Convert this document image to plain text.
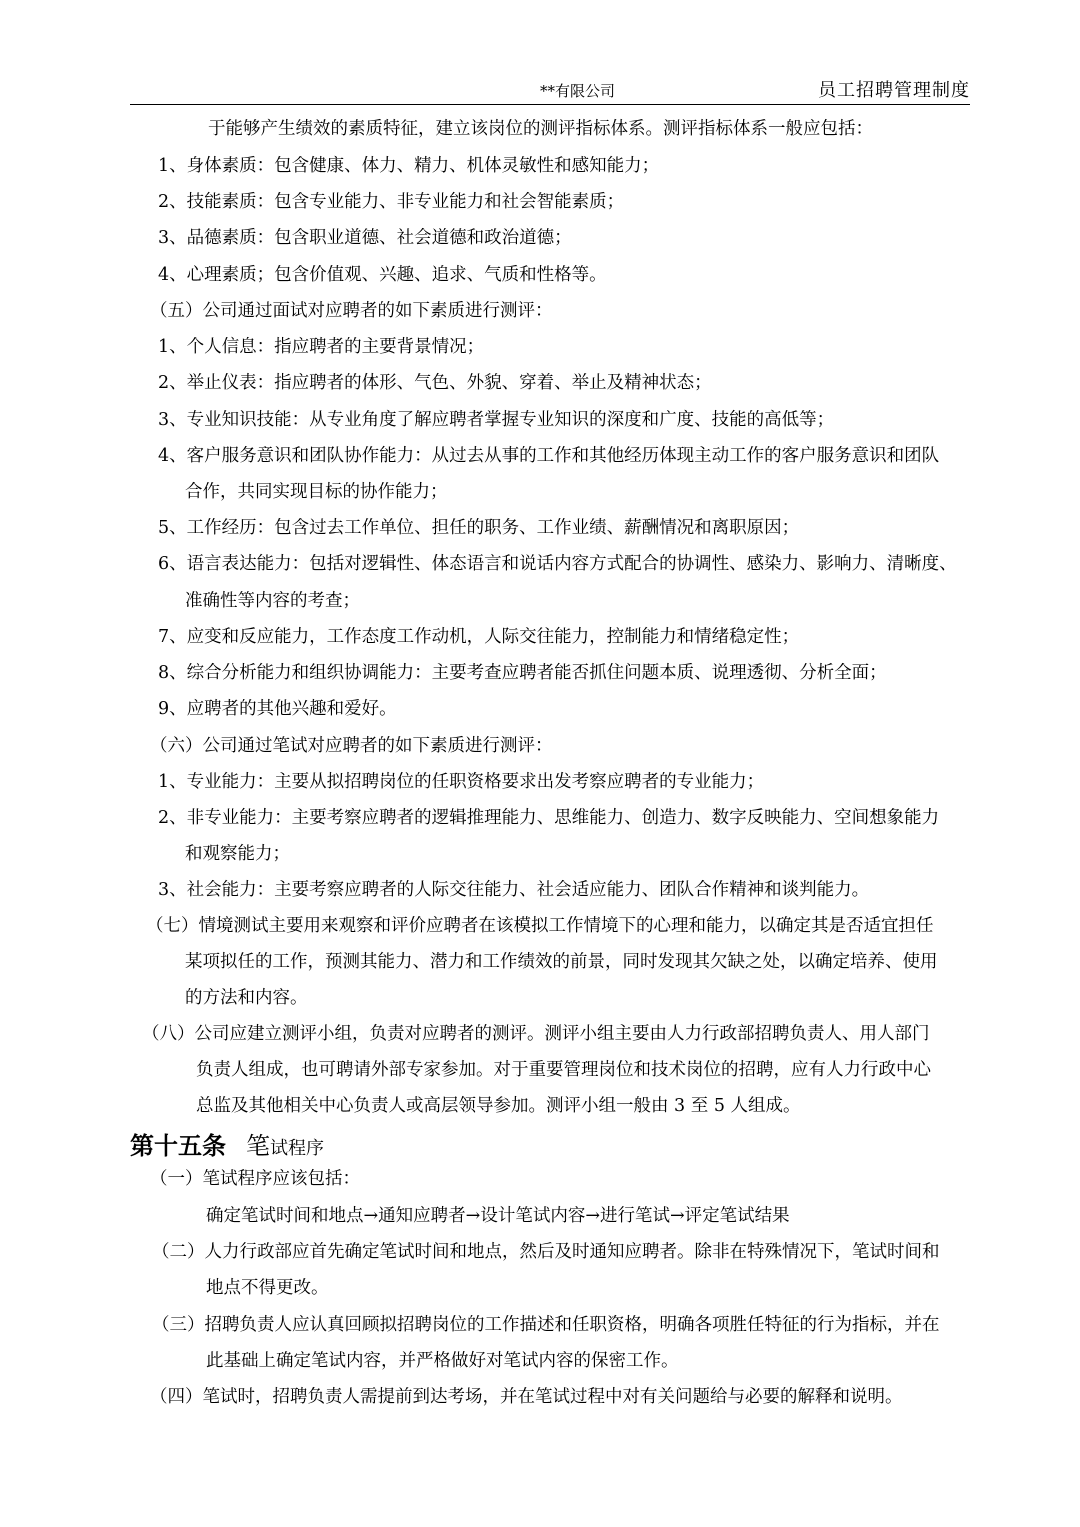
**有限公司	员工招聘管理制度
于能够产生绩效的素质特征，建立该岗位的测评指标体系。测评指标体系一般应包括：
1、身体素质：包含健康、体力、精力、机体灵敏性和感知能力；
2、技能素质：包含专业能力、非专业能力和社会智能素质；
3、品德素质：包含职业道德、社会道德和政治道德；
4、心理素质；包含价值观、兴趣、追求、气质和性格等。
（五）公司通过面试对应聘者的如下素质进行测评：
1、个人信息：指应聘者的主要背景情况；
2、举止仪表：指应聘者的体形、气色、外貌、穿着、举止及精神状态；
3、专业知识技能：从专业角度了解应聘者掌握专业知识的深度和广度、技能的高低等；
4、客户服务意识和团队协作能力：从过去从事的工作和其他经历体现主动工作的客户服务意识和团队
合作，共同实现目标的协作能力；
5、工作经历：包含过去工作单位、担任的职务、工作业绩、薪酬情况和离职原因；
6、语言表达能力：包括对逻辑性、体态语言和说话内容方式配合的协调性、感染力、影响力、清晰度、
准确性等内容的考查；
7、应变和反应能力，工作态度工作动机，人际交往能力，控制能力和情绪稳定性；
8、综合分析能力和组织协调能力：主要考查应聘者能否抓住问题本质、说理透彻、分析全面；
9、应聘者的其他兴趣和爱好。
（六）公司通过笔试对应聘者的如下素质进行测评：
1、专业能力：主要从拟招聘岗位的任职资格要求出发考察应聘者的专业能力；
2、非专业能力：主要考察应聘者的逻辑推理能力、思维能力、创造力、数字反映能力、空间想象能力
和观察能力；
3、社会能力：主要考察应聘者的人际交往能力、社会适应能力、团队合作精神和谈判能力。
（七）情境测试主要用来观察和评价应聘者在该模拟工作情境下的心理和能力，以确定其是否适宜担任
某项拟任的工作，预测其能力、潜力和工作绩效的前景，同时发现其欠缺之处，以确定培养、使用
的方法和内容。
（八）公司应建立测评小组，负责对应聘者的测评。测评小组主要由人力行政部招聘负责人、用人部门
负责人组成，也可聘请外部专家参加。对于重要管理岗位和技术岗位的招聘，应有人力行政中心
总监及其他相关中心负责人或高层领导参加。测评小组一般由 3 至 5 人组成。
第十五条 笔试程序
（一）笔试程序应该包括：
确定笔试时间和地点→通知应聘者→设计笔试内容→进行笔试→评定笔试结果
（二）人力行政部应首先确定笔试时间和地点，然后及时通知应聘者。除非在特殊情况下，笔试时间和
地点不得更改。
（三）招聘负责人应认真回顾拟招聘岗位的工作描述和任职资格，明确各项胜任特征的行为指标，并在
此基础上确定笔试内容，并严格做好对笔试内容的保密工作。
（四）笔试时，招聘负责人需提前到达考场，并在笔试过程中对有关问题给与必要的解释和说明。
